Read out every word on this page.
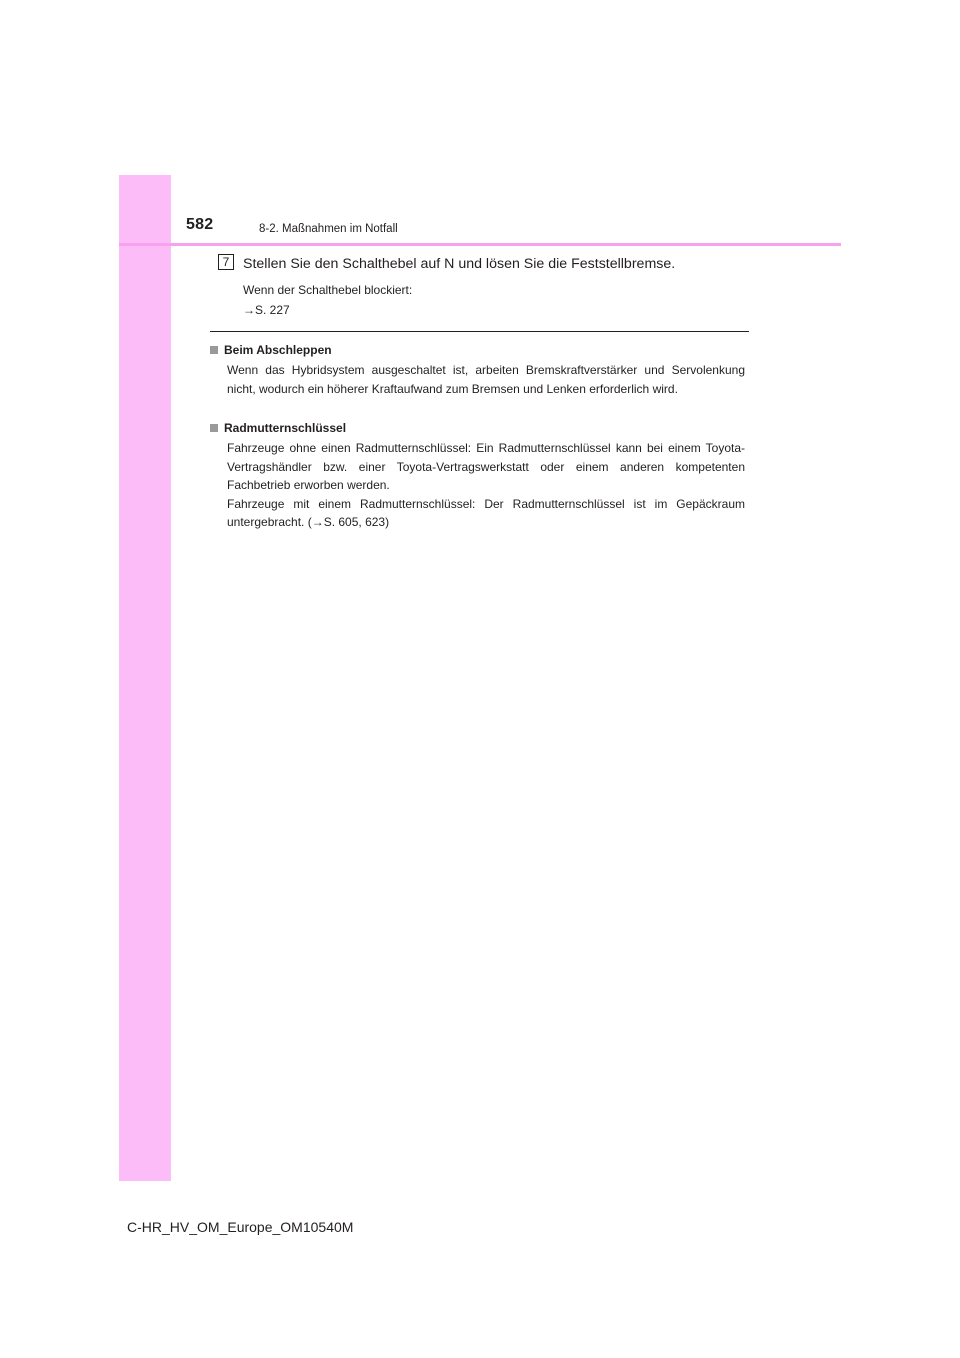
582	8-2. Maßnahmen im Notfall
7 Stellen Sie den Schalthebel auf N und lösen Sie die Feststellbremse.
Wenn der Schalthebel blockiert:
→S. 227
Beim Abschleppen

Wenn das Hybridsystem ausgeschaltet ist, arbeiten Bremskraftverstärker und Servolenkung nicht, wodurch ein höherer Kraftaufwand zum Bremsen und Lenken erforderlich wird.

Radmutternschlüssel

Fahrzeuge ohne einen Radmutternschlüssel: Ein Radmutternschlüssel kann bei einem Toyota-Vertragshändler bzw. einer Toyota-Vertragswerkstatt oder einem anderen kompetenten Fachbetrieb erworben werden.

Fahrzeuge mit einem Radmutternschlüssel: Der Radmutternschlüssel ist im Gepäckraum untergebracht. (→S. 605, 623)

C-HR_HV_OM_Europe_OM10540M
